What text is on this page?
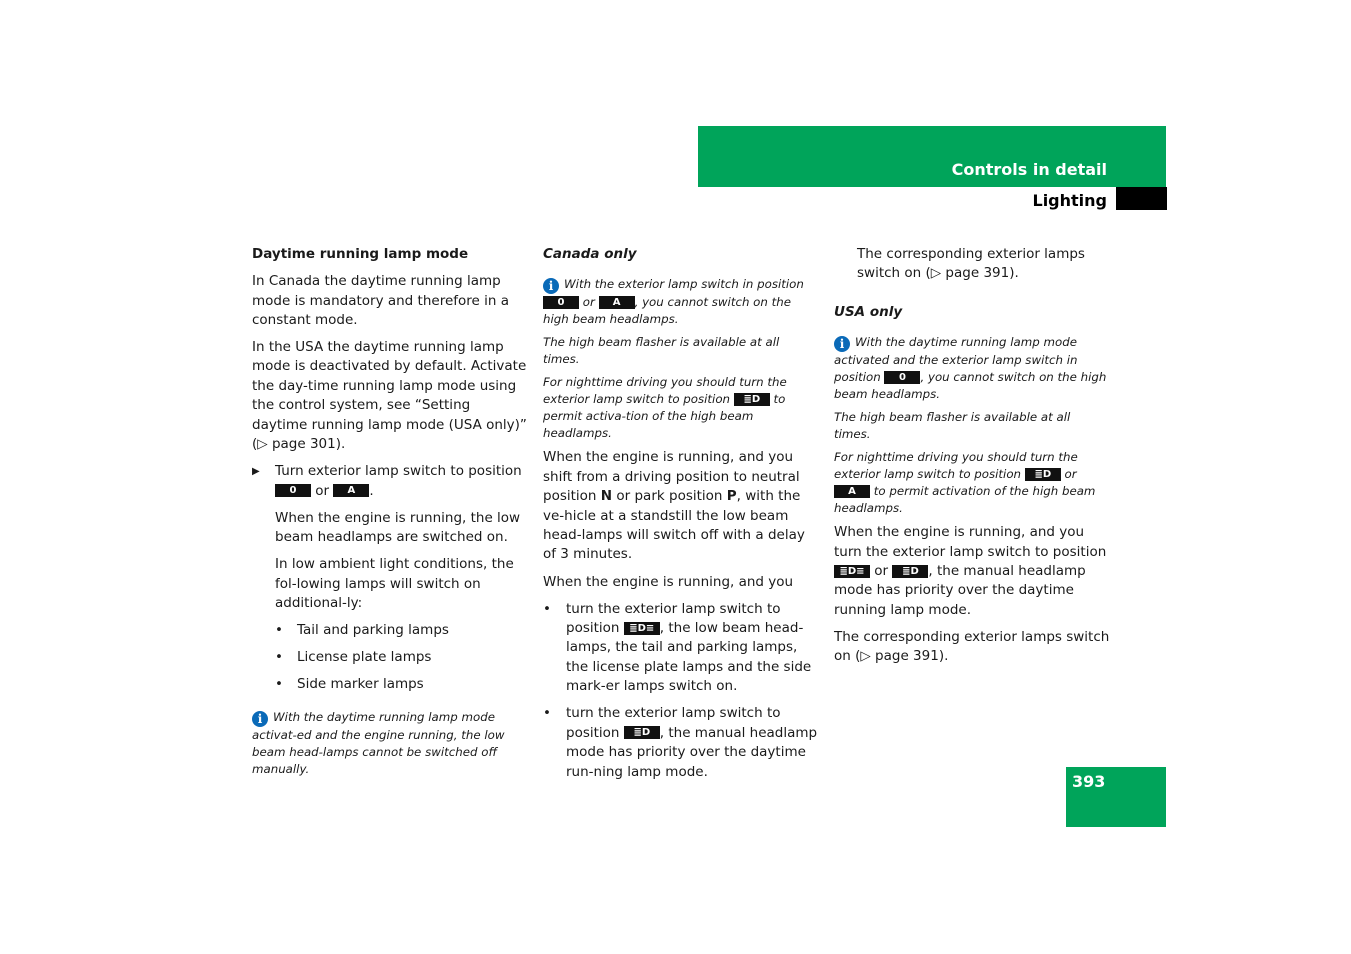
Controls in detail
Lighting
393

Daytime running lamp mode

In Canada the daytime running lamp mode is mandatory and therefore in a constant mode.

In the USA the daytime running lamp mode is deactivated by default. Activate the day-time running lamp mode using the control system, see “Setting daytime running lamp mode (USA only)” (▷ page 301).

▶ Turn exterior lamp switch to position 0 or A .

When the engine is running, the low beam headlamps are switched on.

In low ambient light conditions, the fol-lowing lamps will switch on additional-ly:

• Tail and parking lamps

• License plate lamps

• Side marker lamps

i With the daytime running lamp mode activat-ed and the engine running, the low beam head-lamps cannot be switched off manually.

Canada only

i With the exterior lamp switch in position 0 or A , you cannot switch on the high beam headlamps.

The high beam flasher is available at all times.

For nighttime driving you should turn the exterior lamp switch to position ≣D to permit activa-tion of the high beam headlamps.

When the engine is running, and you shift from a driving position to neutral position N or park position P, with the ve-hicle at a standstill the low beam head-lamps will switch off with a delay of 3 minutes.

When the engine is running, and you

• turn the exterior lamp switch to position ≣D≡ , the low beam head-lamps, the tail and parking lamps, the license plate lamps and the side mark-er lamps switch on.

• turn the exterior lamp switch to position ≣D , the manual headlamp mode has priority over the daytime run-ning lamp mode.

The corresponding exterior lamps switch on (▷ page 391).

USA only

i With the daytime running lamp mode activated and the exterior lamp switch in position 0 , you cannot switch on the high beam headlamps.

The high beam flasher is available at all times.

For nighttime driving you should turn the exterior lamp switch to position ≣D or A to permit activation of the high beam headlamps.

When the engine is running, and you turn the exterior lamp switch to position ≣D≡ or ≣D , the manual headlamp mode has priority over the daytime running lamp mode.

The corresponding exterior lamps switch on (▷ page 391).
